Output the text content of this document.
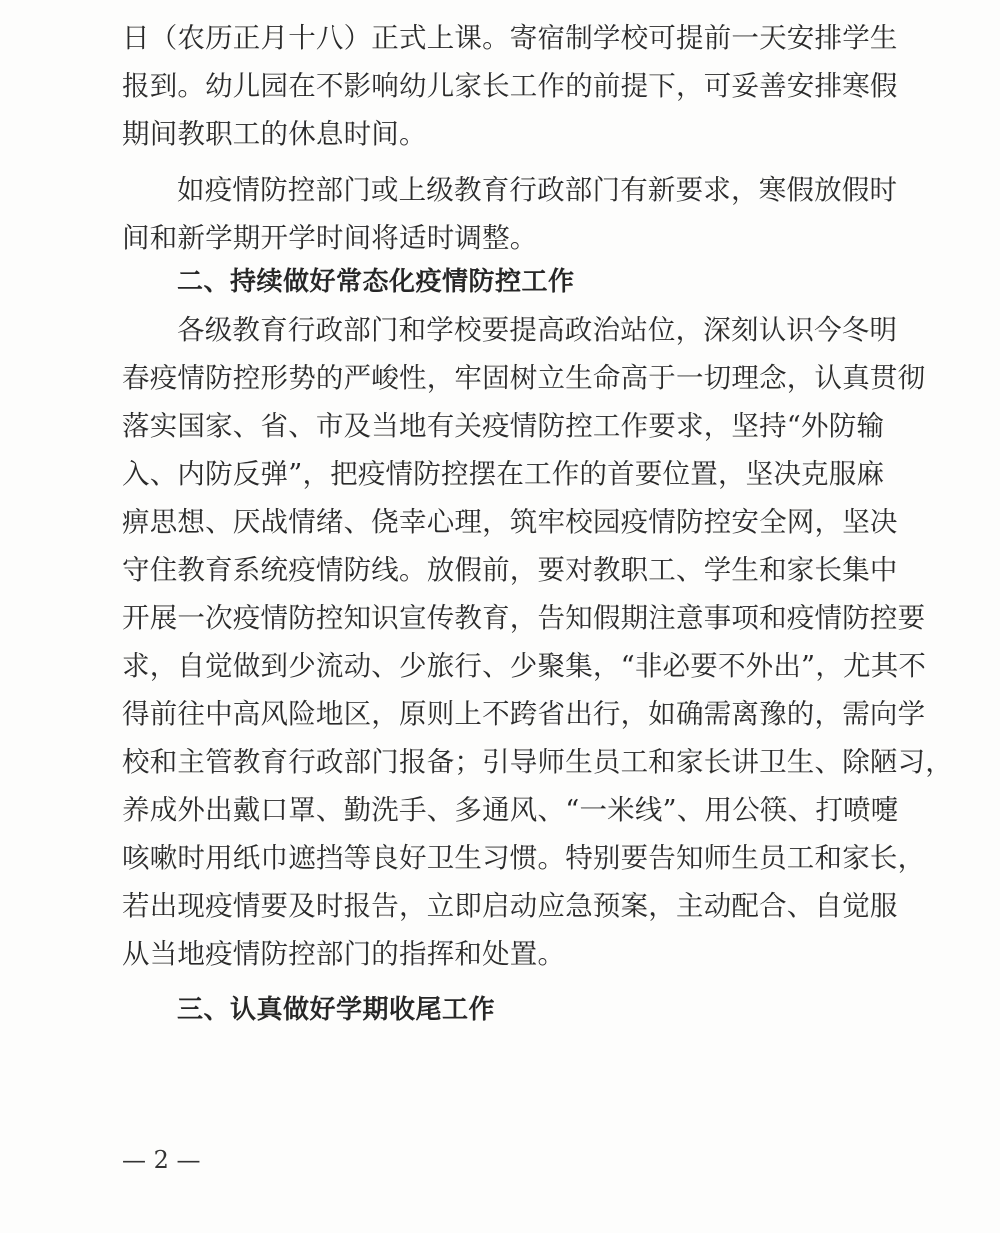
日（农历正月十八）正式上课。寄宿制学校可提前一天安排学生
报到。幼儿园在不影响幼儿家长工作的前提下，可妥善安排寒假
期间教职工的休息时间。
如疫情防控部门或上级教育行政部门有新要求，寒假放假时
间和新学期开学时间将适时调整。
二、持续做好常态化疫情防控工作
各级教育行政部门和学校要提高政治站位，深刻认识今冬明
春疫情防控形势的严峻性，牢固树立生命高于一切理念，认真贯彻
落实国家、省、市及当地有关疫情防控工作要求，坚持“外防输
入、内防反弹”，把疫情防控摆在工作的首要位置，坚决克服麻
痹思想、厌战情绪、侥幸心理，筑牢校园疫情防控安全网，坚决
守住教育系统疫情防线。放假前，要对教职工、学生和家长集中
开展一次疫情防控知识宣传教育，告知假期注意事项和疫情防控要
求，自觉做到少流动、少旅行、少聚集，“非必要不外出”，尤其不
得前往中高风险地区，原则上不跨省出行，如确需离豫的，需向学
校和主管教育行政部门报备；引导师生员工和家长讲卫生、除陋习，
养成外出戴口罩、勤洗手、多通风、“一米线”、用公筷、打喷嚏
咳嗽时用纸巾遮挡等良好卫生习惯。特别要告知师生员工和家长，
若出现疫情要及时报告，立即启动应急预案，主动配合、自觉服
从当地疫情防控部门的指挥和处置。
三、认真做好学期收尾工作
— 2 —
